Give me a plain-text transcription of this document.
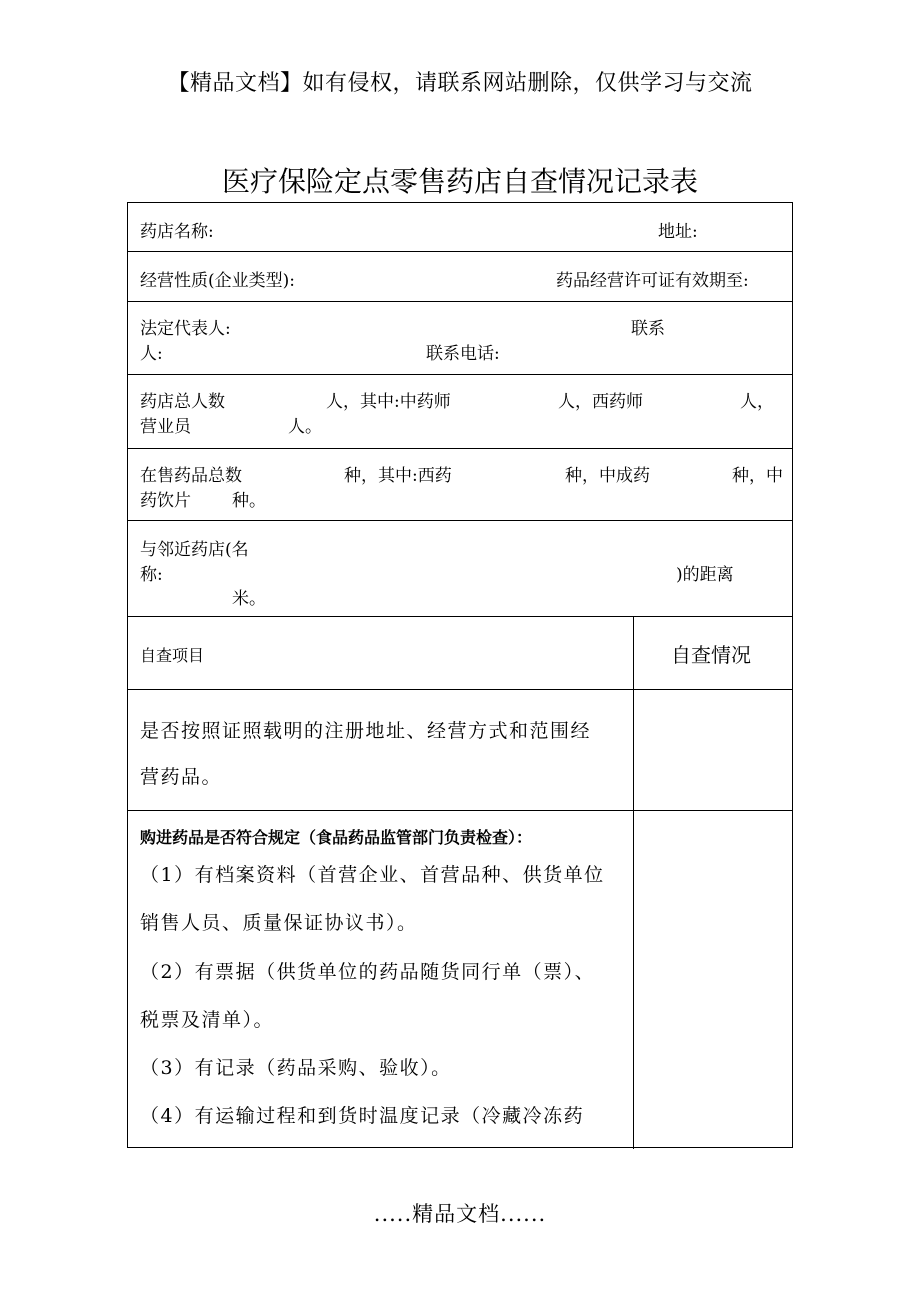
【精品文档】如有侵权，请联系网站删除，仅供学习与交流
医疗保险定点零售药店自查情况记录表
药店名称:	地址:
经营性质(企业类型):	药品经营许可证有效期至:
法定代表人:	联系
人:	联系电话:
药店总人数	人，其中:中药师	人，西药师	人，
营业员	人。
在售药品总数	种，其中:西药	种，中成药	种，中
药饮片 种。
与邻近药店(名
称:	)的距离
米。
自查项目	自查情况
是否按照证照载明的注册地址、经营方式和范围经
营药品。
购进药品是否符合规定（食品药品监管部门负责检查）：
（1）有档案资料（首营企业、首营品种、供货单位
销售人员、质量保证协议书）。
（2）有票据（供货单位的药品随货同行单（票）、
税票及清单）。
（3）有记录（药品采购、验收）。
（4）有运输过程和到货时温度记录（冷藏冷冻药
.....精品文档......
